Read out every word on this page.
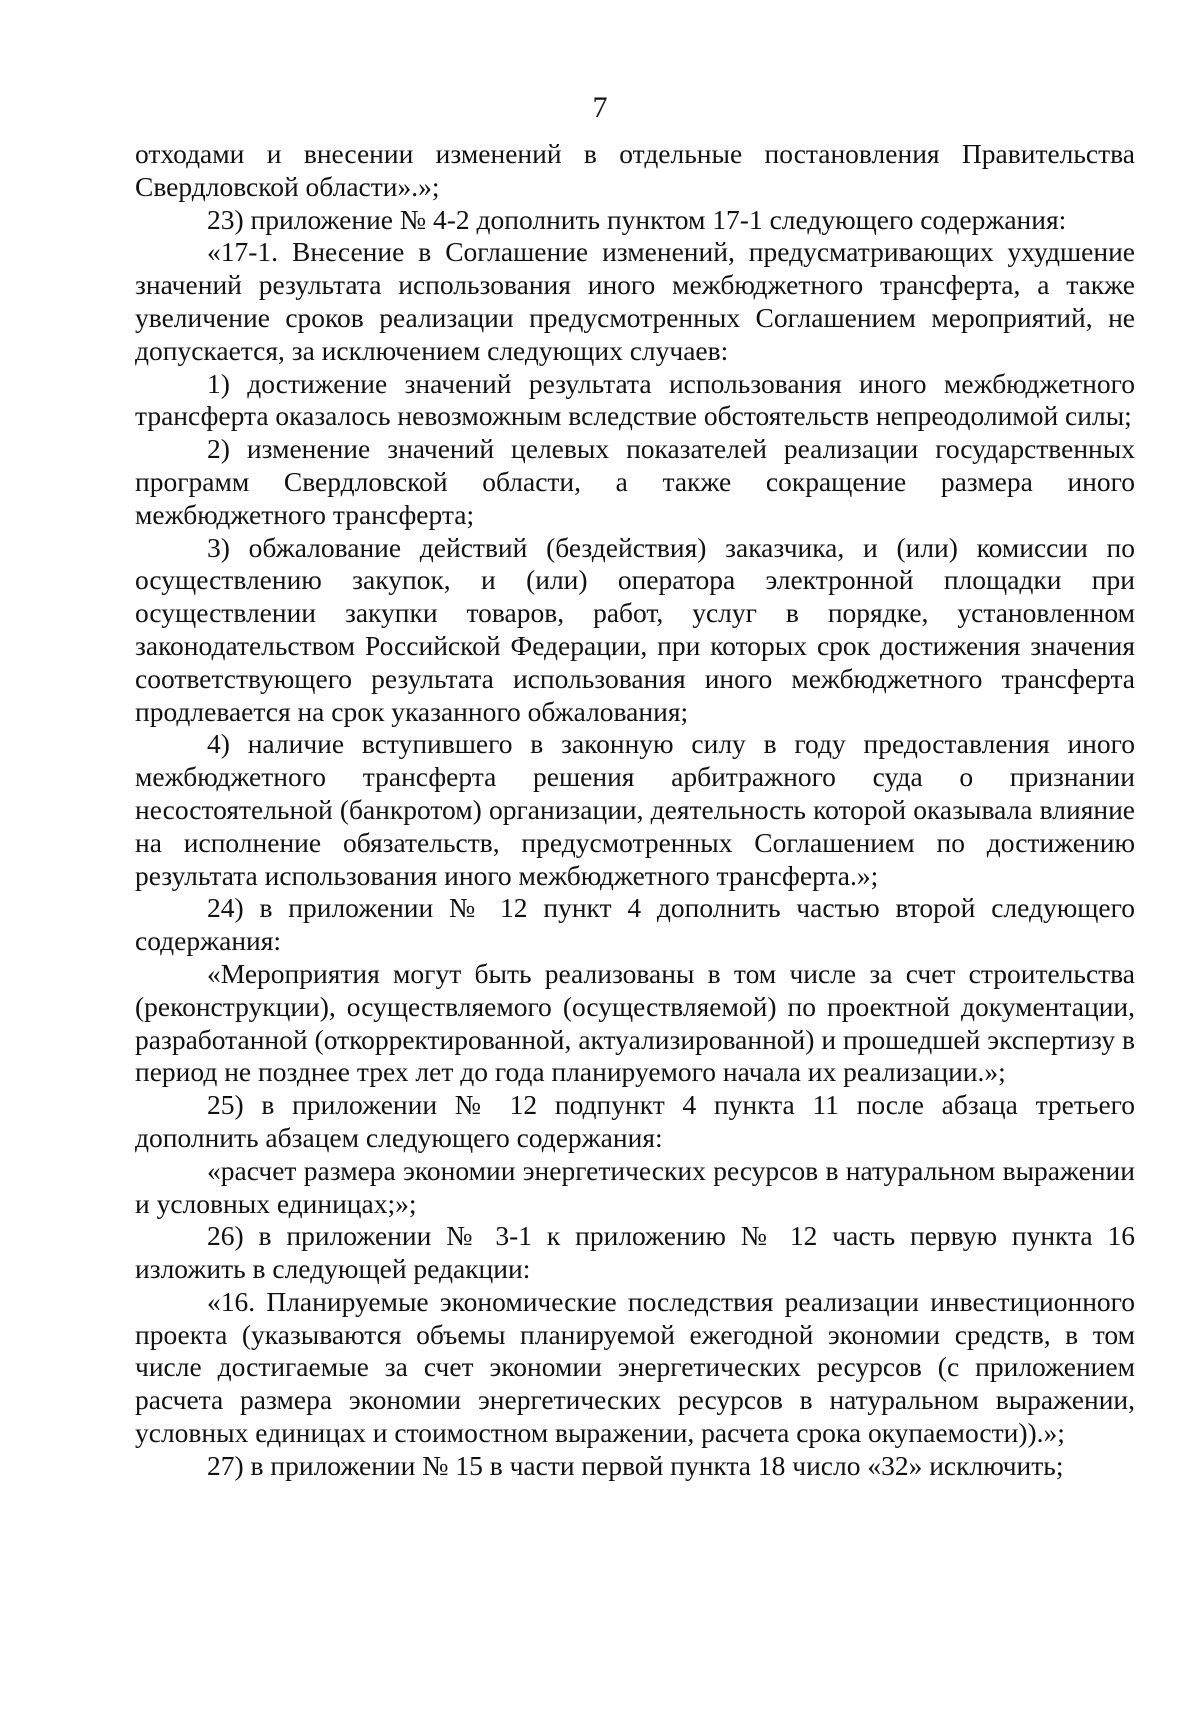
7

отходами и внесении изменений в отдельные постановления Правительства Свердловской области».»;

23) приложение № 4-2 дополнить пунктом 17-1 следующего содержания:

«17-1. Внесение в Соглашение изменений, предусматривающих ухудшение значений результата использования иного межбюджетного трансферта, а также увеличение сроков реализации предусмотренных Соглашением мероприятий, не допускается, за исключением следующих случаев:

1) достижение значений результата использования иного межбюджетного трансферта оказалось невозможным вследствие обстоятельств непреодолимой силы;

2) изменение значений целевых показателей реализации государственных программ Свердловской области, а также сокращение размера иного межбюджетного трансферта;

3) обжалование действий (бездействия) заказчика, и (или) комиссии по осуществлению закупок, и (или) оператора электронной площадки при осуществлении закупки товаров, работ, услуг в порядке, установленном законодательством Российской Федерации, при которых срок достижения значения соответствующего результата использования иного межбюджетного трансферта продлевается на срок указанного обжалования;

4) наличие вступившего в законную силу в году предоставления иного межбюджетного трансферта решения арбитражного суда о признании несостоятельной (банкротом) организации, деятельность которой оказывала влияние на исполнение обязательств, предусмотренных Соглашением по достижению результата использования иного межбюджетного трансферта.»;

24) в приложении № 12 пункт 4 дополнить частью второй следующего содержания:

«Мероприятия могут быть реализованы в том числе за счет строительства (реконструкции), осуществляемого (осуществляемой) по проектной документации, разработанной (откорректированной, актуализированной) и прошедшей экспертизу в период не позднее трех лет до года планируемого начала их реализации.»;

25) в приложении № 12 подпункт 4 пункта 11 после абзаца третьего дополнить абзацем следующего содержания:

«расчет размера экономии энергетических ресурсов в натуральном выражении и условных единицах;»;

26) в приложении № 3-1 к приложению № 12 часть первую пункта 16 изложить в следующей редакции:

«16. Планируемые экономические последствия реализации инвестиционного проекта (указываются объемы планируемой ежегодной экономии средств, в том числе достигаемые за счет экономии энергетических ресурсов (с приложением расчета размера экономии энергетических ресурсов в натуральном выражении, условных единицах и стоимостном выражении, расчета срока окупаемости)).»;

27) в приложении № 15 в части первой пункта 18 число «32» исключить;
